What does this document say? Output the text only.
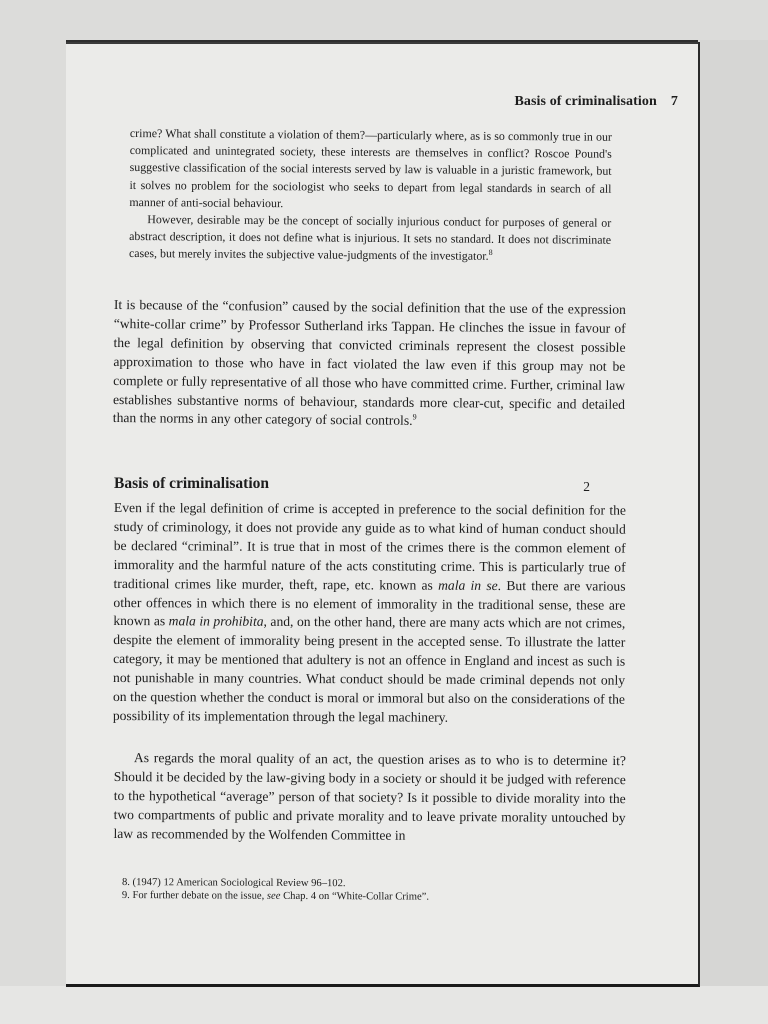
Basis of criminalisation 7

crime? What shall constitute a violation of them?—particularly where, as is so commonly true in our complicated and unintegrated society, these interests are themselves in conflict? Roscoe Pound's suggestive classification of the social interests served by law is valuable in a juristic framework, but it solves no problem for the sociologist who seeks to depart from legal standards in search of all manner of anti-social behaviour.

However, desirable may be the concept of socially injurious conduct for purposes of general or abstract description, it does not define what is injurious. It sets no standard. It does not discriminate cases, but merely invites the subjective value-judgments of the investigator.$^8$

It is because of the “confusion” caused by the social definition that the use of the expression “white-collar crime” by Professor Sutherland irks Tappan. He clinches the issue in favour of the legal definition by observing that convicted criminals represent the closest possible approximation to those who have in fact violated the law even if this group may not be complete or fully representative of all those who have committed crime. Further, criminal law establishes substantive norms of behaviour, standards more clear-cut, specific and detailed than the norms in any other category of social controls.$^9$

Basis of criminalisation	2

Even if the legal definition of crime is accepted in preference to the social definition for the study of criminology, it does not provide any guide as to what kind of human conduct should be declared “criminal”. It is true that in most of the crimes there is the common element of immorality and the harmful nature of the acts constituting crime. This is particularly true of traditional crimes like murder, theft, rape, etc. known as mala in se. But there are various other offences in which there is no element of immorality in the traditional sense, these are known as mala in prohibita, and, on the other hand, there are many acts which are not crimes, despite the element of immorality being present in the accepted sense. To illustrate the latter category, it may be mentioned that adultery is not an offence in England and incest as such is not punishable in many countries. What conduct should be made criminal depends not only on the question whether the conduct is moral or immoral but also on the considerations of the possibility of its implementation through the legal machinery.

As regards the moral quality of an act, the question arises as to who is to determine it? Should it be decided by the law-giving body in a society or should it be judged with reference to the hypothetical “average” person of that society? Is it possible to divide morality into the two compartments of public and private morality and to leave private morality untouched by law as recommended by the Wolfenden Committee in
8. (1947) 12 American Sociological Review 96–102.
9. For further debate on the issue, see Chap. 4 on “White-Collar Crime”.
